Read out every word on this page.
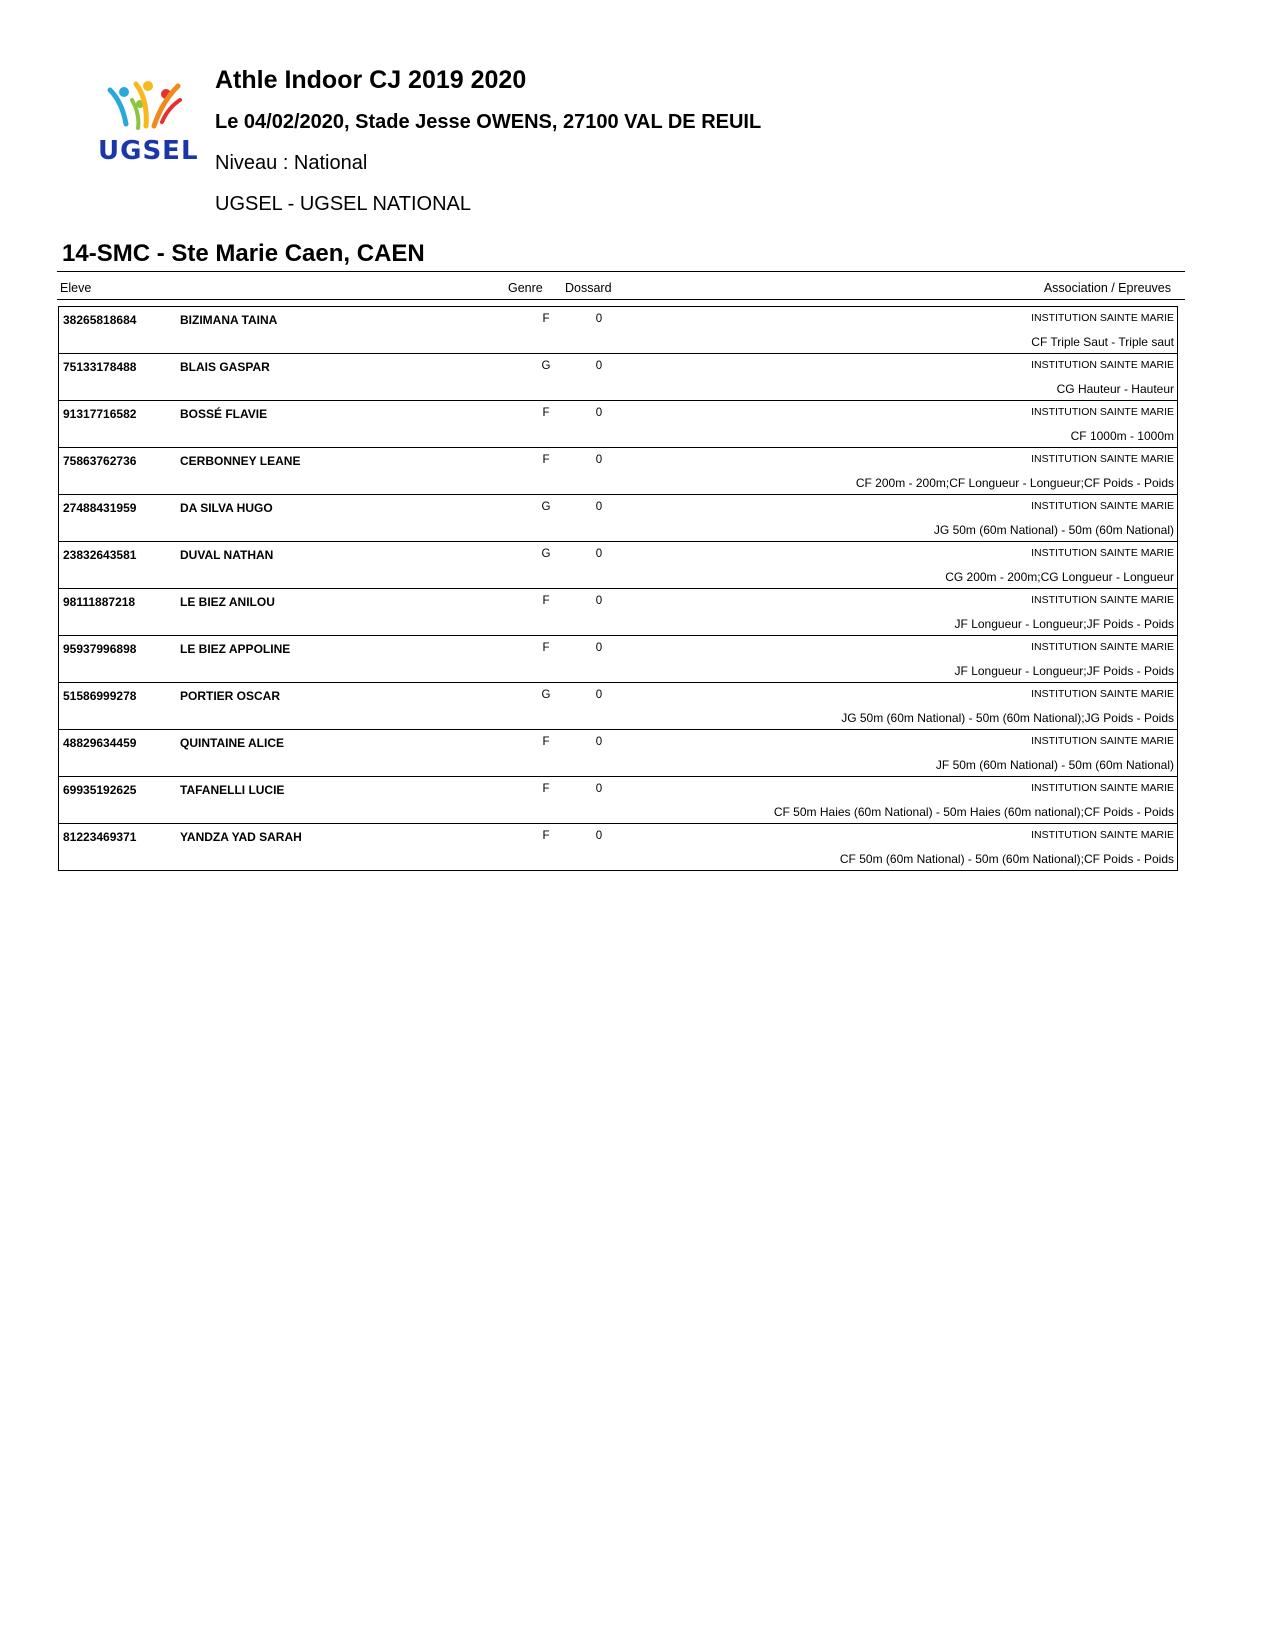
UGSEL
Athle Indoor CJ 2019 2020
Le 04/02/2020, Stade Jesse OWENS, 27100 VAL DE REUIL
Niveau : National
UGSEL - UGSEL NATIONAL
14-SMC - Ste Marie Caen, CAEN
Eleve	Genre Dossard	Association / Epreuves
38265818684	BIZIMANA TAINA	F	0	INSTITUTION SAINTE MARIE
CF Triple Saut - Triple saut
75133178488	BLAIS GASPAR	G	0	INSTITUTION SAINTE MARIE
CG Hauteur - Hauteur
91317716582	BOSSÉ FLAVIE	F	0	INSTITUTION SAINTE MARIE
CF 1000m - 1000m
75863762736	CERBONNEY LEANE	F	0	INSTITUTION SAINTE MARIE
CF 200m - 200m;CF Longueur - Longueur;CF Poids - Poids
27488431959	DA SILVA HUGO	G	0	INSTITUTION SAINTE MARIE
JG 50m (60m National) - 50m (60m National)
23832643581	DUVAL NATHAN	G	0	INSTITUTION SAINTE MARIE
CG 200m - 200m;CG Longueur - Longueur
98111887218	LE BIEZ ANILOU	F	0	INSTITUTION SAINTE MARIE
JF Longueur - Longueur;JF Poids - Poids
95937996898	LE BIEZ APPOLINE	F	0	INSTITUTION SAINTE MARIE
JF Longueur - Longueur;JF Poids - Poids
51586999278	PORTIER OSCAR	G	0	INSTITUTION SAINTE MARIE
JG 50m (60m National) - 50m (60m National);JG Poids - Poids
48829634459	QUINTAINE ALICE	F	0	INSTITUTION SAINTE MARIE
JF 50m (60m National) - 50m (60m National)
69935192625	TAFANELLI LUCIE	F	0	INSTITUTION SAINTE MARIE
CF 50m Haies (60m National) - 50m Haies (60m national);CF Poids - Poids
81223469371	YANDZA YAD SARAH	F	0	INSTITUTION SAINTE MARIE
CF 50m (60m National) - 50m (60m National);CF Poids - Poids
